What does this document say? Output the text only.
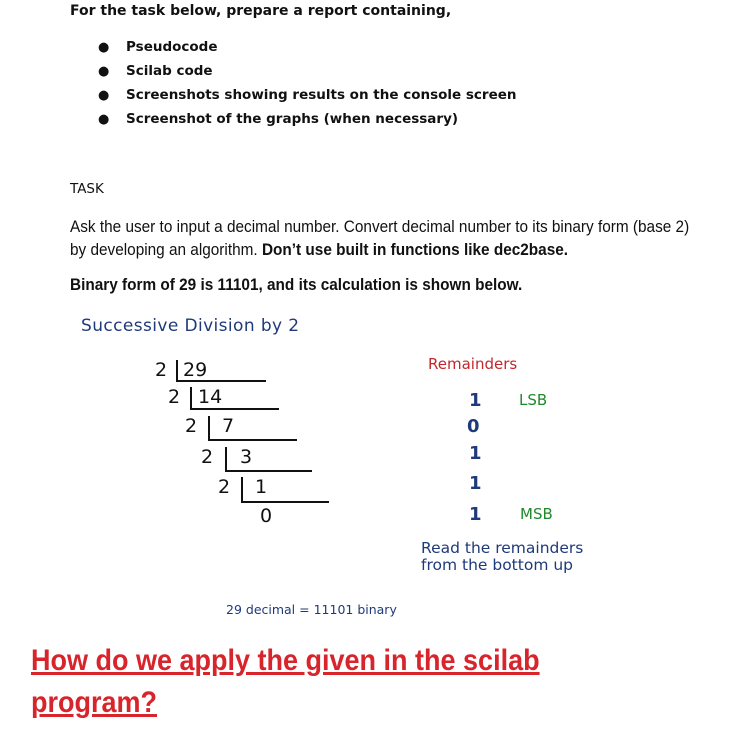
For the task below, prepare a report containing,
● Pseudocode
● Scilab code
● Screenshots showing results on the console screen
● Screenshot of the graphs (when necessary)
TASK
Ask the user to input a decimal number. Convert decimal number to its binary form (base 2) by developing an algorithm. Don’t use built in functions like dec2base.
Binary form of 29 is 11101, and its calculation is shown below.
Successive Division by 2
2 29
2 14
2 7
2 3
2 1
0
Remainders
1
0
1
1
1
LSB
MSB
Read the remainders
from the bottom up
29 decimal = 11101 binary
How do we apply the given in the scilab program?
